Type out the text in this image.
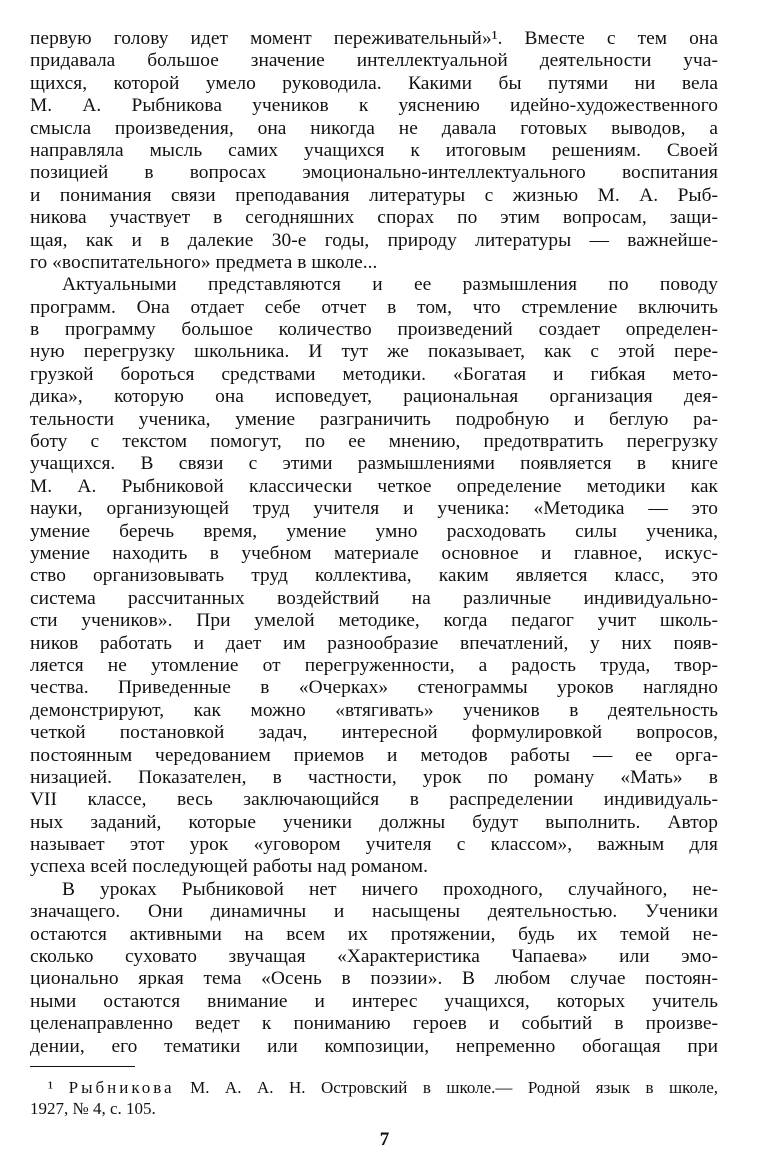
первую голову идет момент переживательный»¹. Вместе с тем она
придавала большое значение интеллектуальной деятельности уча-
щихся, которой умело руководила. Какими бы путями ни вела
М. А. Рыбникова учеников к уяснению идейно-художественного
смысла произведения, она никогда не давала готовых выводов, а
направляла мысль самих учащихся к итоговым решениям. Своей
позицией в вопросах эмоционально-интеллектуального воспитания
и понимания связи преподавания литературы с жизнью М. А. Рыб-
никова участвует в сегодняшних спорах по этим вопросам, защи-
щая, как и в далекие 30-е годы, природу литературы — важнейше-
го «воспитательного» предмета в школе...
Актуальными представляются и ее размышления по поводу
программ. Она отдает себе отчет в том, что стремление включить
в программу большое количество произведений создает определен-
ную перегрузку школьника. И тут же показывает, как с этой пере-
грузкой бороться средствами методики. «Богатая и гибкая мето-
дика», которую она исповедует, рациональная организация дея-
тельности ученика, умение разграничить подробную и беглую ра-
боту с текстом помогут, по ее мнению, предотвратить перегрузку
учащихся. В связи с этими размышлениями появляется в книге
М. А. Рыбниковой классически четкое определение методики как
науки, организующей труд учителя и ученика: «Методика — это
умение беречь время, умение умно расходовать силы ученика,
умение находить в учебном материале основное и главное, искус-
ство организовывать труд коллектива, каким является класс, это
система рассчитанных воздействий на различные индивидуально-
сти учеников». При умелой методике, когда педагог учит школь-
ников работать и дает им разнообразие впечатлений, у них появ-
ляется не утомление от перегруженности, а радость труда, твор-
чества. Приведенные в «Очерках» стенограммы уроков наглядно
демонстрируют, как можно «втягивать» учеников в деятельность
четкой постановкой задач, интересной формулировкой вопросов,
постоянным чередованием приемов и методов работы — ее орга-
низацией. Показателен, в частности, урок по роману «Мать» в
VII классе, весь заключающийся в распределении индивидуаль-
ных заданий, которые ученики должны будут выполнить. Автор
называет этот урок «уговором учителя с классом», важным для
успеха всей последующей работы над романом.
В уроках Рыбниковой нет ничего проходного, случайного, не-
значащего. Они динамичны и насыщены деятельностью. Ученики
остаются активными на всем их протяжении, будь их темой не-
сколько суховато звучащая «Характеристика Чапаева» или эмо-
ционально яркая тема «Осень в поэзии». В любом случае постоян-
ными остаются внимание и интерес учащихся, которых учитель
целенаправленно ведет к пониманию героев и событий в произве-
дении, его тематики или композиции, непременно обогащая при
¹ Рыбникова М. А. А. Н. Островский в школе.— Родной язык в школе,
1927, № 4, с. 105.
7
